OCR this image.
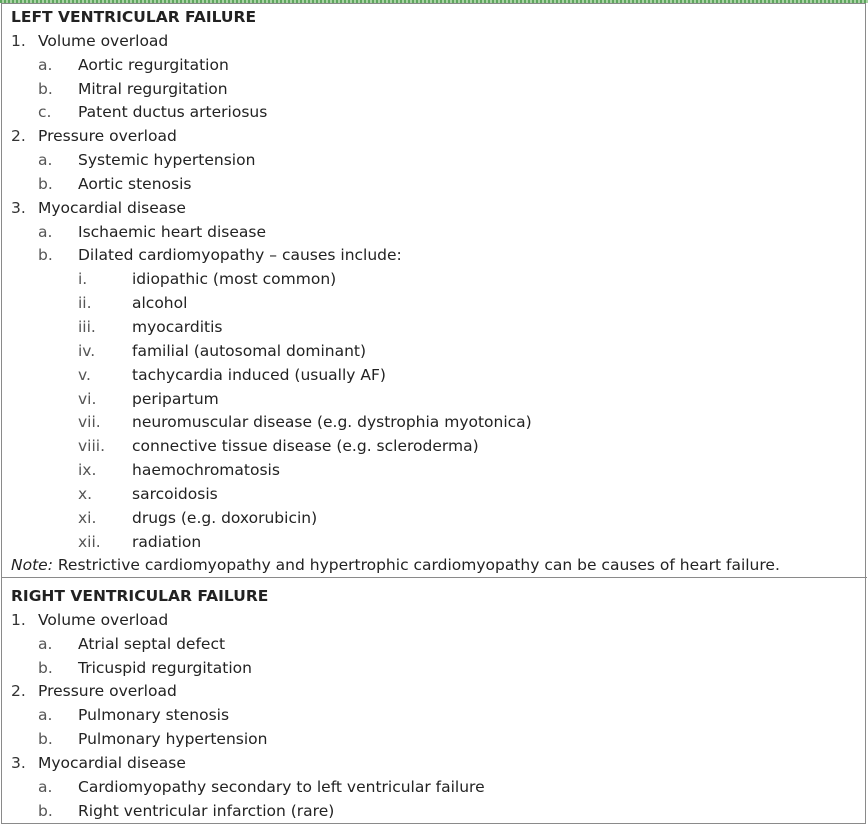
LEFT VENTRICULAR FAILURE
1. Volume overload
a.	Aortic regurgitation
b.	Mitral regurgitation
c.	Patent ductus arteriosus
2. Pressure overload
a.	Systemic hypertension
b.	Aortic stenosis
3. Myocardial disease
a.	Ischaemic heart disease
b.	Dilated cardiomyopathy – causes include:
i.	idiopathic (most common)
ii.	alcohol
iii.	myocarditis
iv.	familial (autosomal dominant)
v.	tachycardia induced (usually AF)
vi.	peripartum
vii.	neuromuscular disease (e.g. dystrophia myotonica)
viii.	connective tissue disease (e.g. scleroderma)
ix.	haemochromatosis
x.	sarcoidosis
xi.	drugs (e.g. doxorubicin)
xii.	radiation
Note: Restrictive cardiomyopathy and hypertrophic cardiomyopathy can be causes of heart failure.
RIGHT VENTRICULAR FAILURE
1. Volume overload
a.	Atrial septal defect
b.	Tricuspid regurgitation
2. Pressure overload
a.	Pulmonary stenosis
b.	Pulmonary hypertension
3. Myocardial disease
a.	Cardiomyopathy secondary to left ventricular failure
b.	Right ventricular infarction (rare)
